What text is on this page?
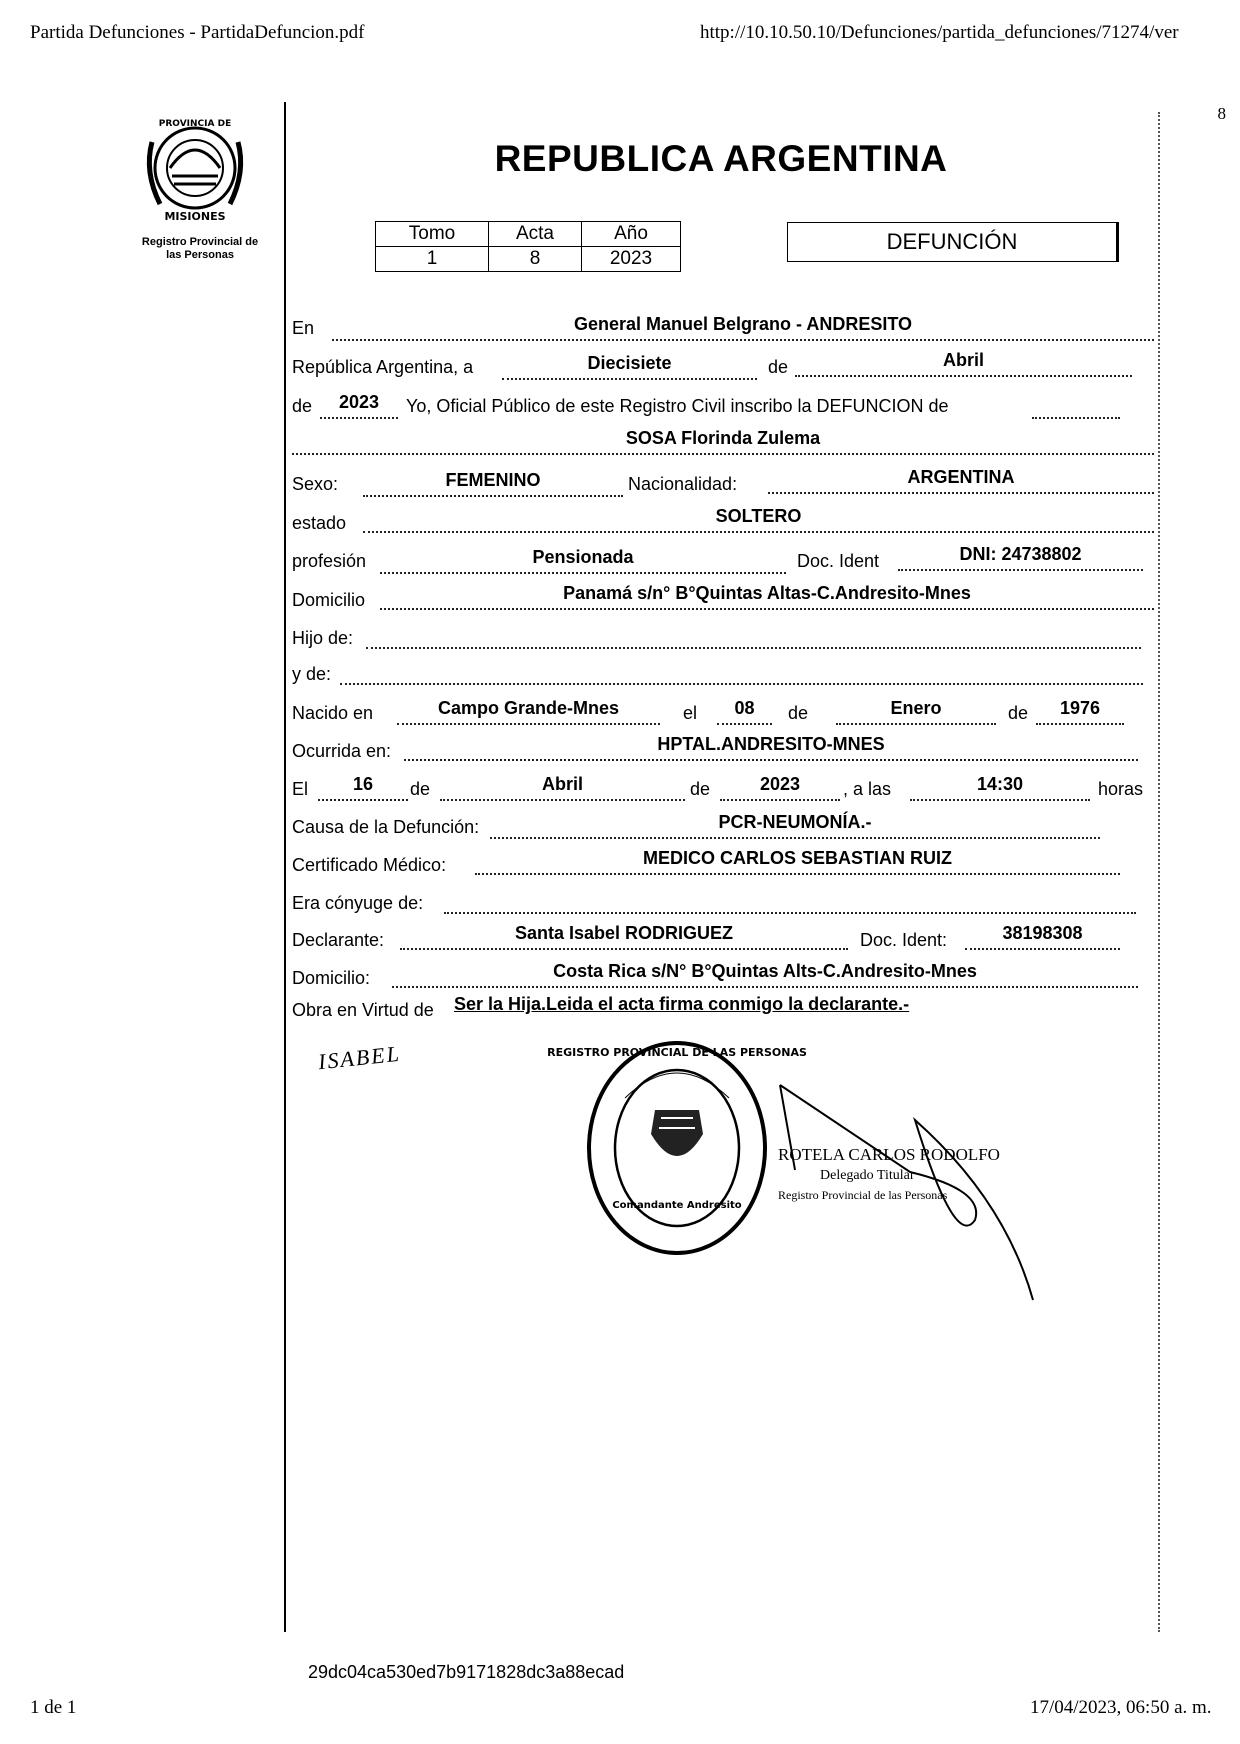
Partida Defunciones - PartidaDefuncion.pdf	http://10.10.50.10/Defunciones/partida_defunciones/71274/ver
8
PROVINCIA DE
MISIONES
Registro Provincial de
las Personas
REPUBLICA ARGENTINA
Tomo	Acta	Año
1	8	2023
DEFUNCIÓN
En	General Manuel Belgrano - ANDRESITO
República Argentina, a	Diecisiete	de	Abril
de	2023	Yo, Oficial Público de este Registro Civil inscribo la DEFUNCION de
SOSA Florinda Zulema
Sexo:	FEMENINO	Nacionalidad:	ARGENTINA
estado	SOLTERO
profesión	Pensionada	Doc. Ident	DNI: 24738802
Domicilio	Panamá s/n° B°Quintas Altas-C.Andresito-Mnes
Hijo de:
y de:
Nacido en	Campo Grande-Mnes	el	08	de	Enero	de	1976
Ocurrida en:	HPTAL.ANDRESITO-MNES
El	16	de	Abril	de	2023	, a las	14:30	horas
Causa de la Defunción:	PCR-NEUMONÍA.-
Certificado Médico:	MEDICO CARLOS SEBASTIAN RUIZ
Era cónyuge de:
Declarante:	Santa Isabel RODRIGUEZ	Doc. Ident:	38198308
Domicilio:	Costa Rica s/N° B°Quintas Alts-C.Andresito-Mnes
Obra en Virtud de Ser la Hija.Leida el acta firma conmigo la declarante.-
ISABEL	REGISTRO PROVINCIAL DE LAS PERSONAS
Comandante Andresito
ROTELA CARLOS RODOLFO
Delegado Titular
Registro Provincial de las Personas
29dc04ca530ed7b9171828dc3a88ecad
1 de 1	17/04/2023, 06:50 a. m.
